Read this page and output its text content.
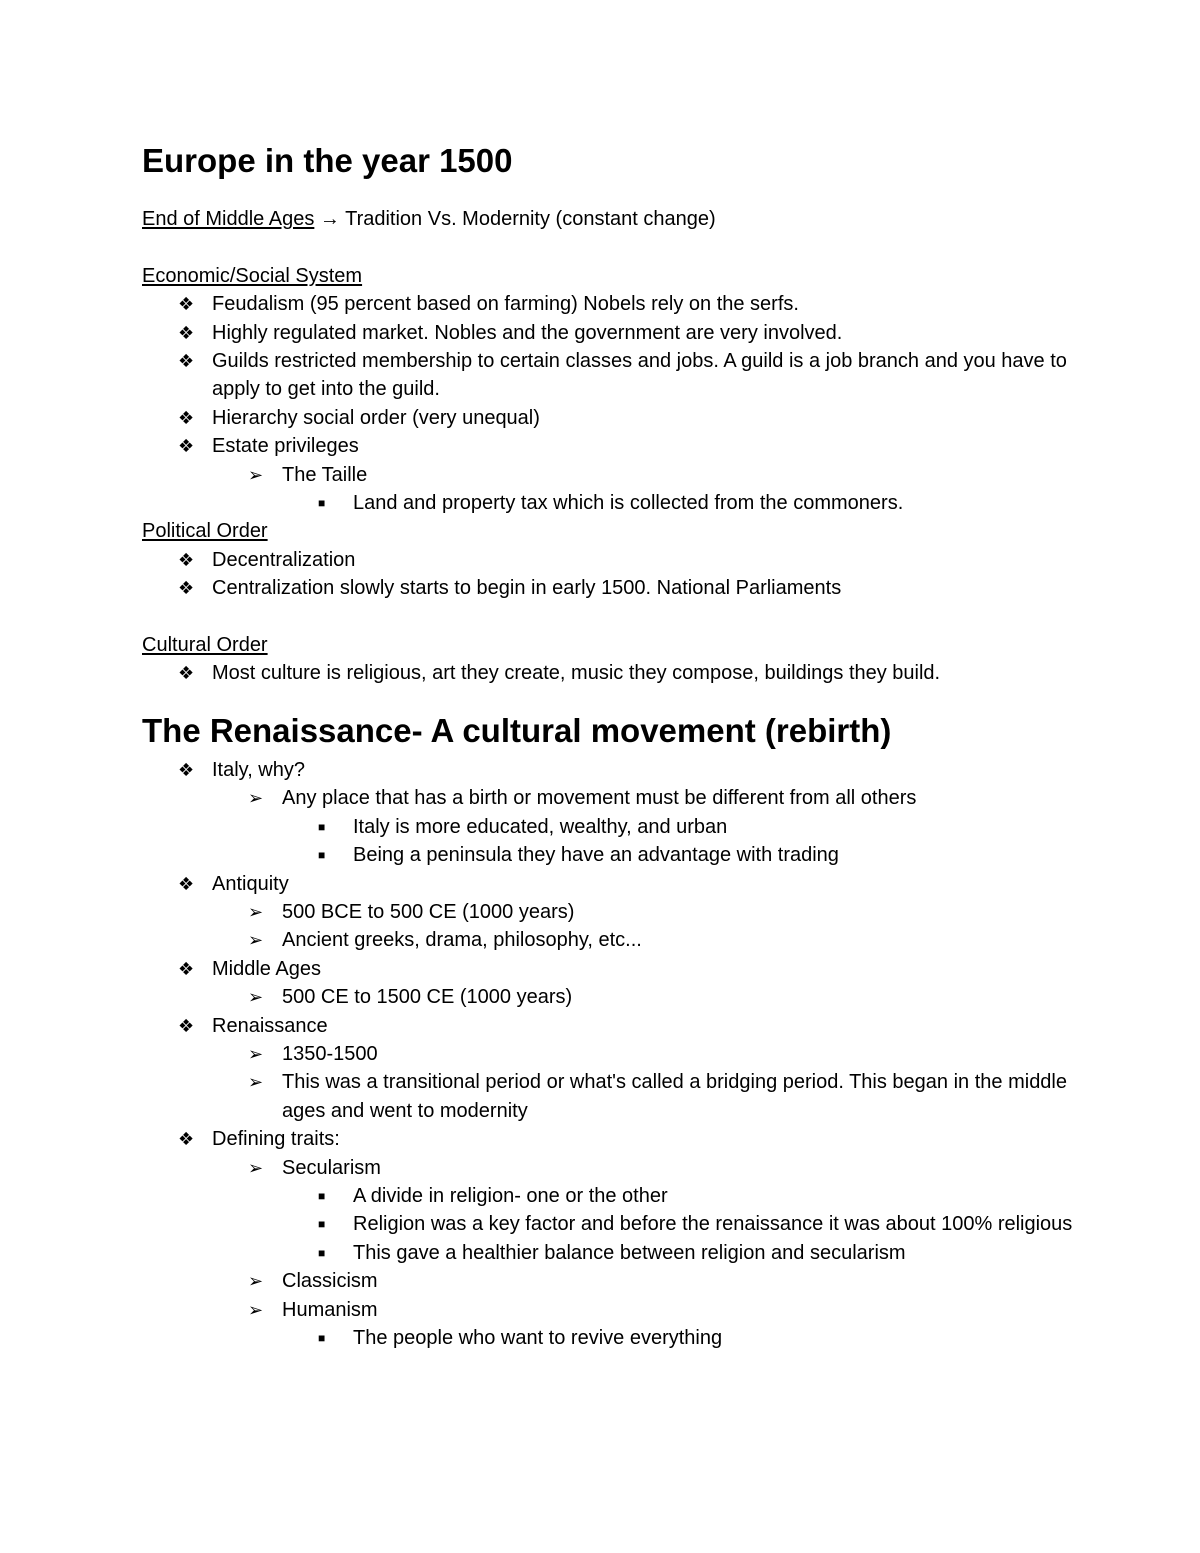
Europe in the year 1500
End of Middle Ages → Tradition Vs. Modernity (constant change)
Economic/Social System
❖ Feudalism (95 percent based on farming) Nobels rely on the serfs.
❖ Highly regulated market. Nobles and the government are very involved.
❖ Guilds restricted membership to certain classes and jobs. A guild is a job branch and you have to apply to get into the guild.
❖ Hierarchy social order (very unequal)
❖ Estate privileges
➢ The Taille
■ Land and property tax which is collected from the commoners.
Political Order
❖ Decentralization
❖ Centralization slowly starts to begin in early 1500. National Parliaments
Cultural Order
❖ Most culture is religious, art they create, music they compose, buildings they build.
The Renaissance- A cultural movement (rebirth)
❖ Italy, why?
➢ Any place that has a birth or movement must be different from all others
■ Italy is more educated, wealthy, and urban
■ Being a peninsula they have an advantage with trading
❖ Antiquity
➢ 500 BCE to 500 CE (1000 years)
➢ Ancient greeks, drama, philosophy, etc...
❖ Middle Ages
➢ 500 CE to 1500 CE (1000 years)
❖ Renaissance
➢ 1350-1500
➢ This was a transitional period or what's called a bridging period. This began in the middle ages and went to modernity
❖ Defining traits:
➢ Secularism
■ A divide in religion- one or the other
■ Religion was a key factor and before the renaissance it was about 100% religious
■ This gave a healthier balance between religion and secularism
➢ Classicism
➢ Humanism
■ The people who want to revive everything
